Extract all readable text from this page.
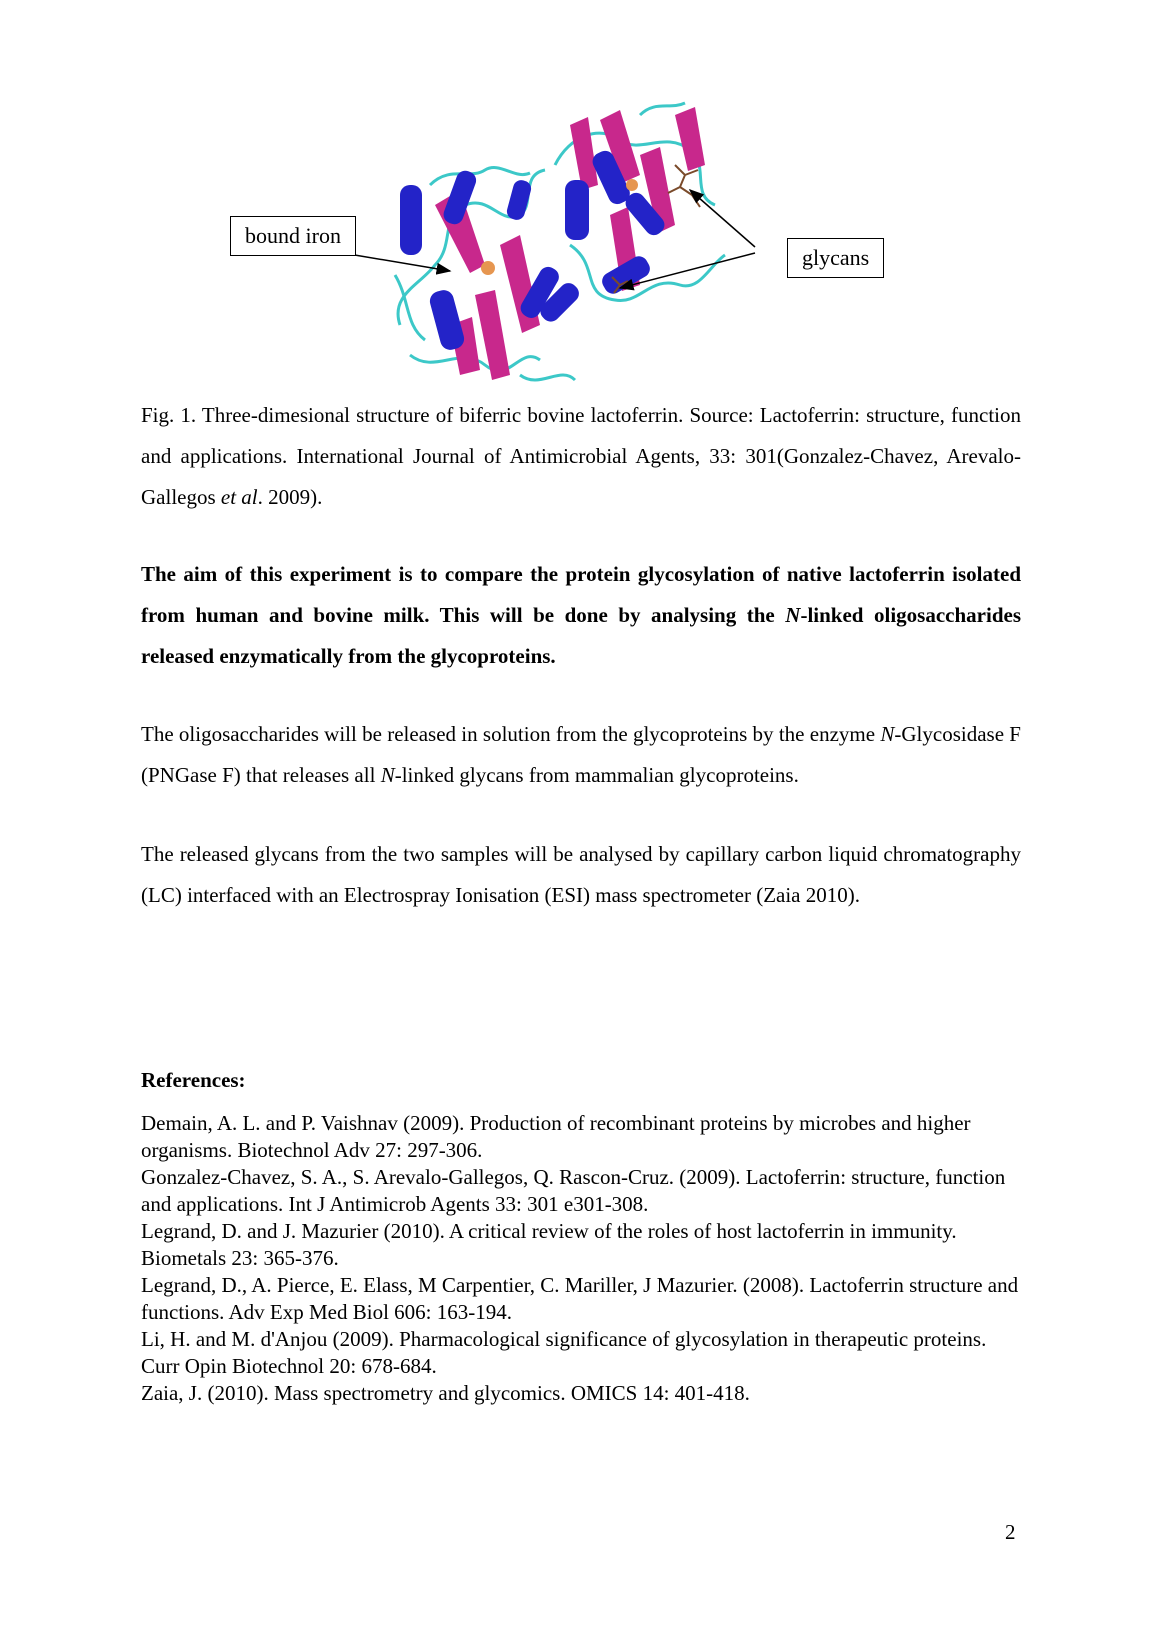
bound iron
glycans

Fig. 1. Three-dimesional structure of biferric bovine lactoferrin. Source: Lactoferrin: structure, function and applications. International Journal of Antimicrobial Agents, 33: 301(Gonzalez-Chavez, Arevalo-Gallegos et al. 2009).

The aim of this experiment is to compare the protein glycosylation of native lactoferrin isolated from human and bovine milk. This will be done by analysing the N-linked oligosaccharides released enzymatically from the glycoproteins.

The oligosaccharides will be released in solution from the glycoproteins by the enzyme N-Glycosidase F (PNGase F) that releases all N-linked glycans from mammalian glycoproteins.

The released glycans from the two samples will be analysed by capillary carbon liquid chromatography (LC) interfaced with an Electrospray Ionisation (ESI) mass spectrometer (Zaia 2010).

References:
Demain, A. L. and P. Vaishnav (2009). Production of recombinant proteins by microbes and higher organisms. Biotechnol Adv 27: 297-306.
Gonzalez-Chavez, S. A., S. Arevalo-Gallegos, Q. Rascon-Cruz. (2009). Lactoferrin: structure, function and applications. Int J Antimicrob Agents 33: 301 e301-308.
Legrand, D. and J. Mazurier (2010). A critical review of the roles of host lactoferrin in immunity. Biometals 23: 365-376.
Legrand, D., A. Pierce, E. Elass, M Carpentier, C. Mariller, J Mazurier. (2008). Lactoferrin structure and functions. Adv Exp Med Biol 606: 163-194.
Li, H. and M. d'Anjou (2009). Pharmacological significance of glycosylation in therapeutic proteins. Curr Opin Biotechnol 20: 678-684.
Zaia, J. (2010). Mass spectrometry and glycomics. OMICS 14: 401-418.
2
